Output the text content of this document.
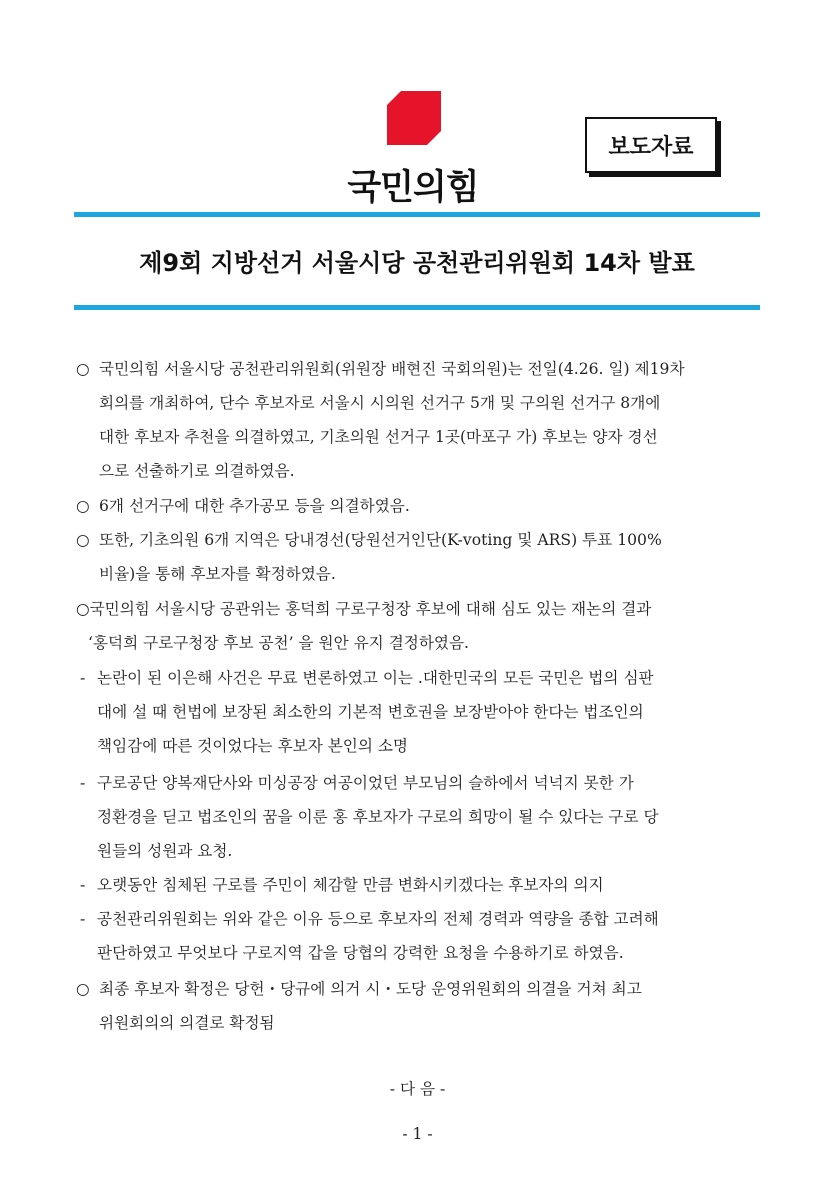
국민의힘
보도자료
제9회 지방선거 서울시당 공천관리위원회 14차 발표
○ 국민의힘 서울시당 공천관리위원회(위원장 배현진 국회의원)는 전일(4.26. 일) 제19차
회의를 개최하여, 단수 후보자로 서울시 시의원 선거구 5개 및 구의원 선거구 8개에
대한 후보자 추천을 의결하였고, 기초의원 선거구 1곳(마포구 가) 후보는 양자 경선
으로 선출하기로 의결하였음.
○ 6개 선거구에 대한 추가공모 등을 의결하였음.
○ 또한, 기초의원 6개 지역은 당내경선(당원선거인단(K-voting 및 ARS) 투표 100%
비율)을 통해 후보자를 확정하였음.
○국민의힘 서울시당 공관위는 홍덕희 구로구청장 후보에 대해 심도 있는 재논의 결과
‘홍덕희 구로구청장 후보 공천’ 을 원안 유지 결정하였음.
- 논란이 된 이은해 사건은 무료 변론하였고 이는 .대한민국의 모든 국민은 법의 심판
대에 설 때 헌법에 보장된 최소한의 기본적 변호권을 보장받아야 한다는 법조인의
책임감에 따른 것이었다는 후보자 본인의 소명
- 구로공단 양복재단사와 미싱공장 여공이었던 부모님의 슬하에서 넉넉지 못한 가
정환경을 딛고 법조인의 꿈을 이룬 홍 후보자가 구로의 희망이 될 수 있다는 구로 당
원들의 성원과 요청.
- 오랫동안 침체된 구로를 주민이 체감할 만큼 변화시키겠다는 후보자의 의지
- 공천관리위원회는 위와 같은 이유 등으로 후보자의 전체 경력과 역량을 종합 고려해
판단하였고 무엇보다 구로지역 갑을 당협의 강력한 요청을 수용하기로 하였음.
○ 최종 후보자 확정은 당헌・당규에 의거 시・도당 운영위원회의 의결을 거쳐 최고
위원회의의 의결로 확정됨
- 다 음 -
- 1 -
